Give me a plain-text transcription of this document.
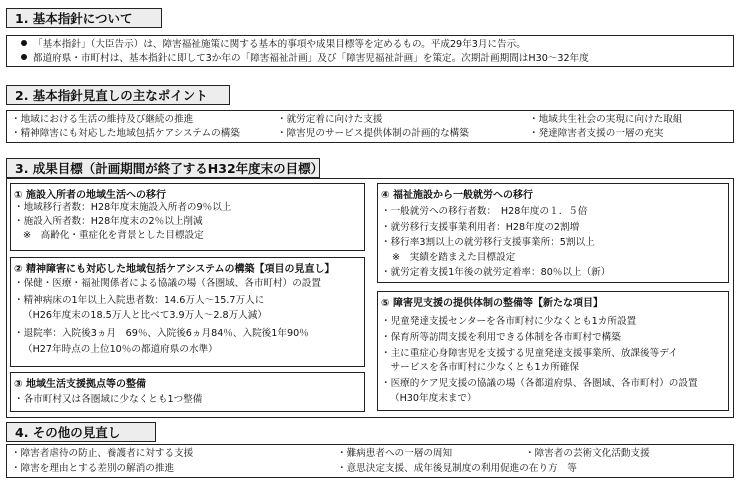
1. 基本指針について
「基本指針」（大臣告示）は、障害福祉施策に関する基本的事項や成果目標等を定めるもの。平成29年3月に告示。
都道府県・市町村は、基本指針に即して3か年の「障害福祉計画」及び「障害児福祉計画」を策定。次期計画期間はH30～32年度
2. 基本指針見直しの主なポイント
・地域における生活の維持及び継続の推進	・就労定着に向けた支援	・地域共生社会の実現に向けた取組
・精神障害にも対応した地域包括ケアシステムの構築	・障害児のサービス提供体制の計画的な構築	・発達障害者支援の一層の充実
3. 成果目標（計画期間が終了するH32年度末の目標）
① 施設入所者の地域生活への移行
・地域移行者数：H28年度末施設入所者の9％以上
・施設入所者数：H28年度末の2％以上削減
※　高齢化・重症化を背景とした目標設定
② 精神障害にも対応した地域包括ケアシステムの構築【項目の見直し】
・保健・医療・福祉関係者による協議の場（各圏域、各市町村）の設置
・精神病床の1年以上入院患者数：14.6万人～15.7万人に
（H26年度末の18.5万人と比べて3.9万人～2.8万人減）
・退院率：入院後3ヵ月　69％、入院後6ヵ月84％、入院後1年90％
（H27年時点の上位10％の都道府県の水準）
③ 地域生活支援拠点等の整備
・各市町村又は各圏域に少なくとも1つ整備
④ 福祉施設から一般就労への移行
・一般就労への移行者数：　H28年度の１．５倍
・就労移行支援事業利用者：H28年度の2割増
・移行率3割以上の就労移行支援事業所：5割以上
※　実績を踏まえた目標設定
・就労定着支援1年後の就労定着率：80％以上（新）
⑤ 障害児支援の提供体制の整備等【新たな項目】
・児童発達支援センターを各市町村に少なくとも1カ所設置
・保育所等訪問支援を利用できる体制を各市町村で構築
・主に重症心身障害児を支援する児童発達支援事業所、放課後等デイ
　サービスを各市町村に少なくとも1カ所確保
・医療的ケア児支援の協議の場（各都道府県、各圏域、各市町村）の設置
（H30年度末まで）
4. その他の見直し
・障害者虐待の防止、養護者に対する支援	・難病患者への一層の周知	・障害者の芸術文化活動支援
・障害を理由とする差別の解消の推進	・意思決定支援、成年後見制度の利用促進の在り方　等
